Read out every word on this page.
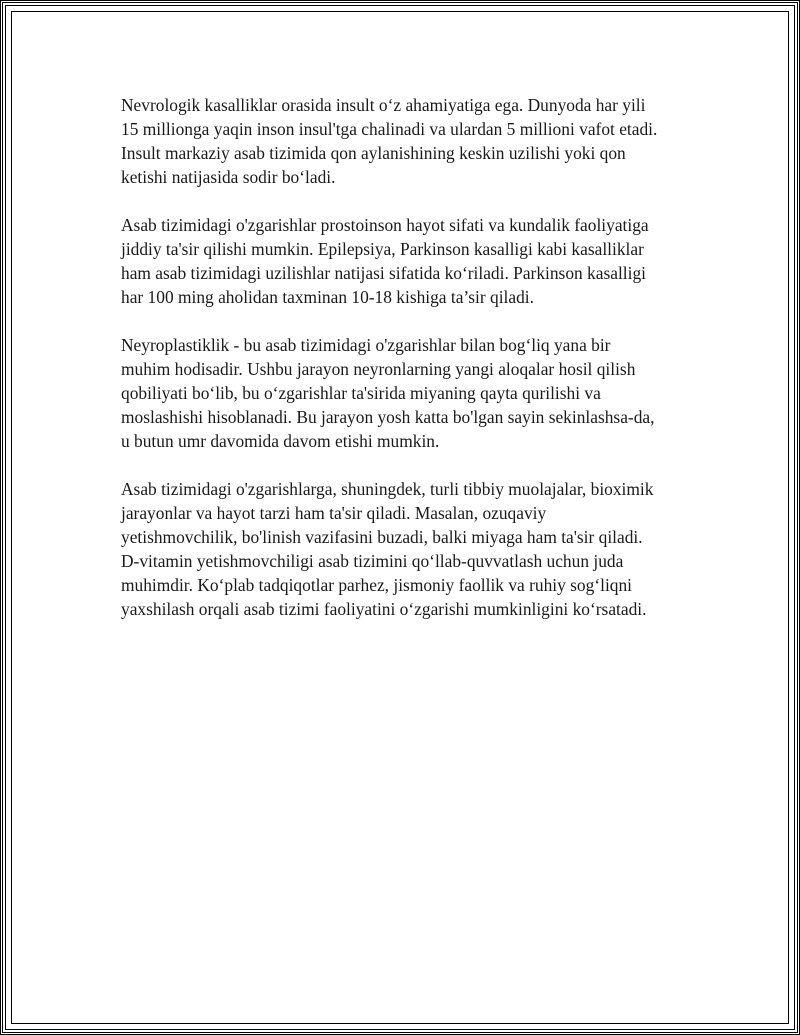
Nevrologik kasalliklar orasida insult o‘z ahamiyatiga ega. Dunyoda har yili
15 millionga yaqin inson insul'tga chalinadi va ulardan 5 millioni vafot etadi.
Insult markaziy asab tizimida qon aylanishining keskin uzilishi yoki qon
ketishi natijasida sodir bo‘ladi.

Asab tizimidagi o'zgarishlar prostoinson hayot sifati va kundalik faoliyatiga
jiddiy ta'sir qilishi mumkin. Epilepsiya, Parkinson kasalligi kabi kasalliklar
ham asab tizimidagi uzilishlar natijasi sifatida ko‘riladi. Parkinson kasalligi
har 100 ming aholidan taxminan 10-18 kishiga ta’sir qiladi.

Neyroplastiklik - bu asab tizimidagi o'zgarishlar bilan bog‘liq yana bir
muhim hodisadir. Ushbu jarayon neyronlarning yangi aloqalar hosil qilish
qobiliyati bo‘lib, bu o‘zgarishlar ta'sirida miyaning qayta qurilishi va
moslashishi hisoblanadi. Bu jarayon yosh katta bo'lgan sayin sekinlashsa-da,
u butun umr davomida davom etishi mumkin.

Asab tizimidagi o'zgarishlarga, shuningdek, turli tibbiy muolajalar, bioximik
jarayonlar va hayot tarzi ham ta'sir qiladi. Masalan, ozuqaviy
yetishmovchilik, bo'linish vazifasini buzadi, balki miyaga ham ta'sir qiladi.
D-vitamin yetishmovchiligi asab tizimini qo‘llab-quvvatlash uchun juda
muhimdir. Ko‘plab tadqiqotlar parhez, jismoniy faollik va ruhiy sog‘liqni
yaxshilash orqali asab tizimi faoliyatini o‘zgarishi mumkinligini ko‘rsatadi.
